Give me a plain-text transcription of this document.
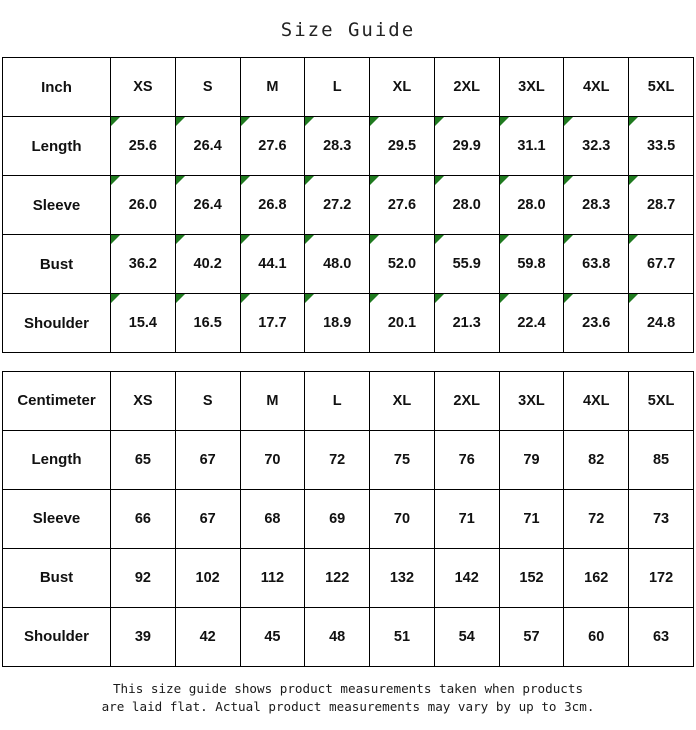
Size Guide
Inch	XS	S	M	L	XL	2XL	3XL	4XL	5XL
Length	25.6	26.4	27.6	28.3	29.5	29.9	31.1	32.3	33.5
Sleeve	26.0	26.4	26.8	27.2	27.6	28.0	28.0	28.3	28.7
Bust	36.2	40.2	44.1	48.0	52.0	55.9	59.8	63.8	67.7
Shoulder	15.4	16.5	17.7	18.9	20.1	21.3	22.4	23.6	24.8
Centimeter	XS	S	M	L	XL	2XL	3XL	4XL	5XL
Length	65	67	70	72	75	76	79	82	85
Sleeve	66	67	68	69	70	71	71	72	73
Bust	92	102	112	122	132	142	152	162	172
Shoulder	39	42	45	48	51	54	57	60	63
This size guide shows product measurements taken when products
are laid flat. Actual product measurements may vary by up to 3cm.
